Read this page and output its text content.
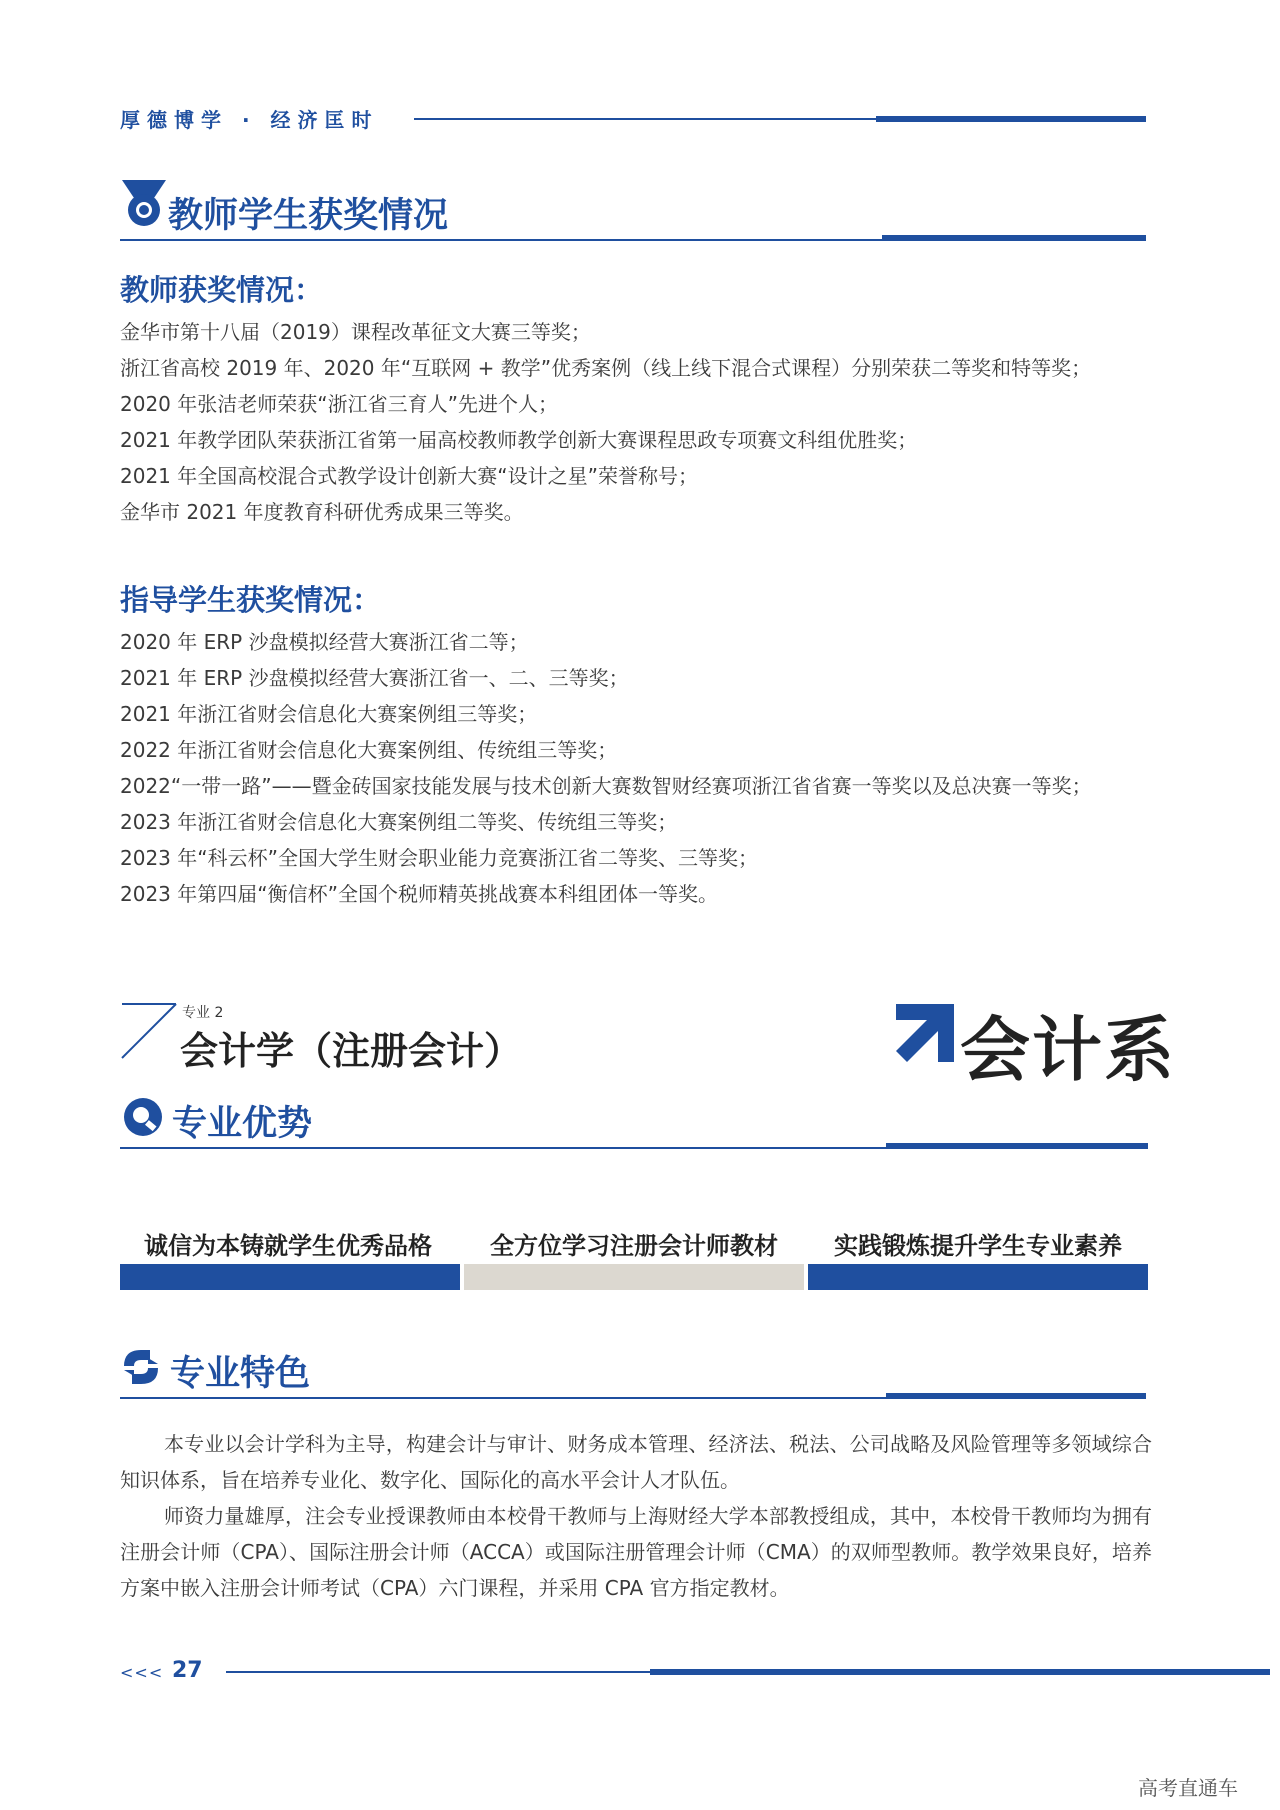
厚德博学 · 经济匡时
教师学生获奖情况
教师获奖情况：
金华市第十八届（2019）课程改革征文大赛三等奖；
浙江省高校 2019 年、2020 年“互联网 + 教学”优秀案例（线上线下混合式课程）分别荣获二等奖和特等奖；
2020 年张洁老师荣获“浙江省三育人”先进个人；
2021 年教学团队荣获浙江省第一届高校教师教学创新大赛课程思政专项赛文科组优胜奖；
2021 年全国高校混合式教学设计创新大赛“设计之星”荣誉称号；
金华市 2021 年度教育科研优秀成果三等奖。
指导学生获奖情况：
2020 年 ERP 沙盘模拟经营大赛浙江省二等；
2021 年 ERP 沙盘模拟经营大赛浙江省一、二、三等奖；
2021 年浙江省财会信息化大赛案例组三等奖；
2022 年浙江省财会信息化大赛案例组、传统组三等奖；
2022“一带一路”——暨金砖国家技能发展与技术创新大赛数智财经赛项浙江省省赛一等奖以及总决赛一等奖；
2023 年浙江省财会信息化大赛案例组二等奖、传统组三等奖；
2023 年“科云杯”全国大学生财会职业能力竞赛浙江省二等奖、三等奖；
2023 年第四届“衡信杯”全国个税师精英挑战赛本科组团体一等奖。
专业 2
会计学（注册会计）	会计系
专业优势
诚信为本铸就学生优秀品格	全方位学习注册会计师教材	实践锻炼提升学生专业素养
专业特色
本专业以会计学科为主导，构建会计与审计、财务成本管理、经济法、税法、公司战略及风险管理等多领域综合知识体系，旨在培养专业化、数字化、国际化的高水平会计人才队伍。
师资力量雄厚，注会专业授课教师由本校骨干教师与上海财经大学本部教授组成，其中，本校骨干教师均为拥有注册会计师（CPA）、国际注册会计师（ACCA）或国际注册管理会计师（CMA）的双师型教师。教学效果良好，培养方案中嵌入注册会计师考试（CPA）六门课程，并采用 CPA 官方指定教材。
<<< 27
高考直通车
